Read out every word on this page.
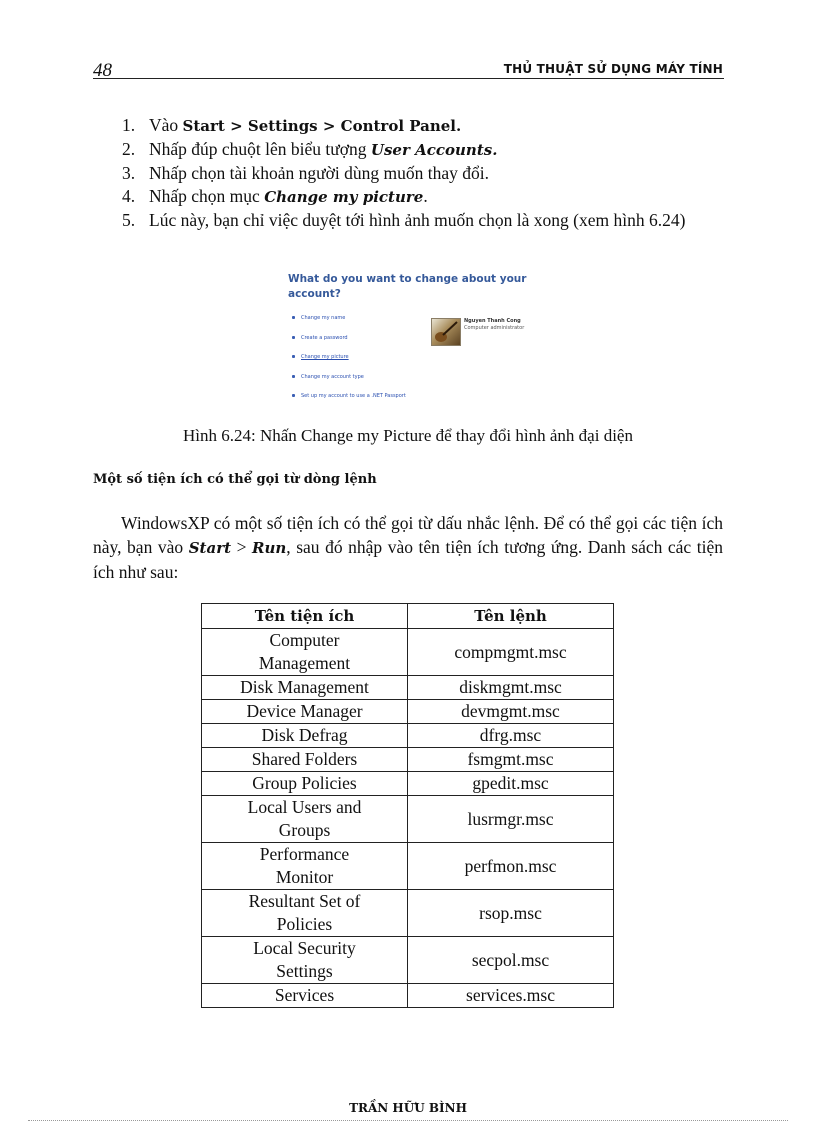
48	THỦ THUẬT SỬ DỤNG MÁY TÍNH
1. Vào Start > Settings > Control Panel.
2. Nhấp đúp chuột lên biểu tượng User Accounts.
3. Nhấp chọn tài khoản người dùng muốn thay đổi.
4. Nhấp chọn mục Change my picture.
5. Lúc này, bạn chỉ việc duyệt tới hình ảnh muốn chọn là xong (xem hình 6.24)
What do you want to change about your account?
Change my name
Create a password
Change my picture
Change my account type
Set up my account to use a .NET Passport
Nguyen Thanh Cong
Computer administrator
Hình 6.24: Nhấn Change my Picture để thay đổi hình ảnh đại diện
Một số tiện ích có thể gọi từ dòng lệnh

WindowsXP có một số tiện ích có thể gọi từ dấu nhắc lệnh. Để có thể gọi các tiện ích này, bạn vào Start > Run, sau đó nhập vào tên tiện ích tương ứng. Danh sách các tiện ích như sau:

Tên tiện ích	Tên lệnh
Computer Management	compmgmt.msc
Disk Management	diskmgmt.msc
Device Manager	devmgmt.msc
Disk Defrag	dfrg.msc
Shared Folders	fsmgmt.msc
Group Policies	gpedit.msc
Local Users and Groups	lusrmgr.msc
Performance Monitor	perfmon.msc
Resultant Set of Policies	rsop.msc
Local Security Settings	secpol.msc
Services	services.msc
TRẦN HỮU BÌNH
